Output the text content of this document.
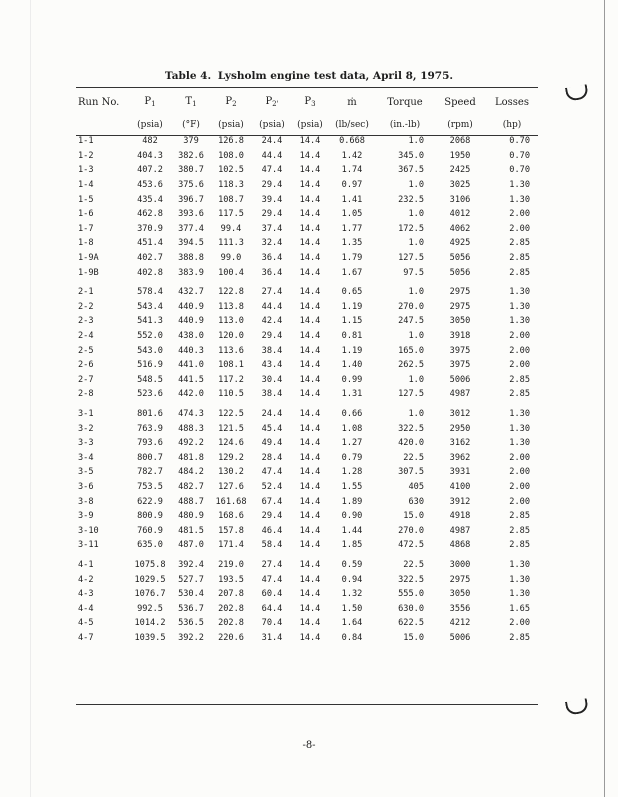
Table 4. Lysholm engine test data, April 8, 1975.
Run No.	$P_1$	$T_1$	$P_2$	$P_{2'}$	$P_3$	ṁ	Torque	Speed	Losses
	(psia)	(°F)	(psia)	(psia)	(psia)	(lb/sec)	(in.-lb)	(rpm)	(hp)
1-1	482	379	126.8	24.4	14.4	0.668	1.0	2068	0.70
1-2	404.3	382.6	108.0	44.4	14.4	1.42	345.0	1950	0.70
1-3	407.2	380.7	102.5	47.4	14.4	1.74	367.5	2425	0.70
1-4	453.6	375.6	118.3	29.4	14.4	0.97	1.0	3025	1.30
1-5	435.4	396.7	108.7	39.4	14.4	1.41	232.5	3106	1.30
1-6	462.8	393.6	117.5	29.4	14.4	1.05	1.0	4012	2.00
1-7	370.9	377.4	99.4	37.4	14.4	1.77	172.5	4062	2.00
1-8	451.4	394.5	111.3	32.4	14.4	1.35	1.0	4925	2.85
1-9A	402.7	388.8	99.0	36.4	14.4	1.79	127.5	5056	2.85
1-9B	402.8	383.9	100.4	36.4	14.4	1.67	97.5	5056	2.85

2-1	578.4	432.7	122.8	27.4	14.4	0.65	1.0	2975	1.30
2-2	543.4	440.9	113.8	44.4	14.4	1.19	270.0	2975	1.30
2-3	541.3	440.9	113.0	42.4	14.4	1.15	247.5	3050	1.30
2-4	552.0	438.0	120.0	29.4	14.4	0.81	1.0	3918	2.00
2-5	543.0	440.3	113.6	38.4	14.4	1.19	165.0	3975	2.00
2-6	516.9	441.0	108.1	43.4	14.4	1.40	262.5	3975	2.00
2-7	548.5	441.5	117.2	30.4	14.4	0.99	1.0	5006	2.85
2-8	523.6	442.0	110.5	38.4	14.4	1.31	127.5	4987	2.85

3-1	801.6	474.3	122.5	24.4	14.4	0.66	1.0	3012	1.30
3-2	763.9	488.3	121.5	45.4	14.4	1.08	322.5	2950	1.30
3-3	793.6	492.2	124.6	49.4	14.4	1.27	420.0	3162	1.30
3-4	800.7	481.8	129.2	28.4	14.4	0.79	22.5	3962	2.00
3-5	782.7	484.2	130.2	47.4	14.4	1.28	307.5	3931	2.00
3-6	753.5	482.7	127.6	52.4	14.4	1.55	405	4100	2.00
3-8	622.9	488.7	161.68	67.4	14.4	1.89	630	3912	2.00
3-9	800.9	480.9	168.6	29.4	14.4	0.90	15.0	4918	2.85
3-10	760.9	481.5	157.8	46.4	14.4	1.44	270.0	4987	2.85
3-11	635.0	487.0	171.4	58.4	14.4	1.85	472.5	4868	2.85

4-1	1075.8	392.4	219.0	27.4	14.4	0.59	22.5	3000	1.30
4-2	1029.5	527.7	193.5	47.4	14.4	0.94	322.5	2975	1.30
4-3	1076.7	530.4	207.8	60.4	14.4	1.32	555.0	3050	1.30
4-4	992.5	536.7	202.8	64.4	14.4	1.50	630.0	3556	1.65
4-5	1014.2	536.5	202.8	70.4	14.4	1.64	622.5	4212	2.00
4-7	1039.5	392.2	220.6	31.4	14.4	0.84	15.0	5006	2.85
-8-
